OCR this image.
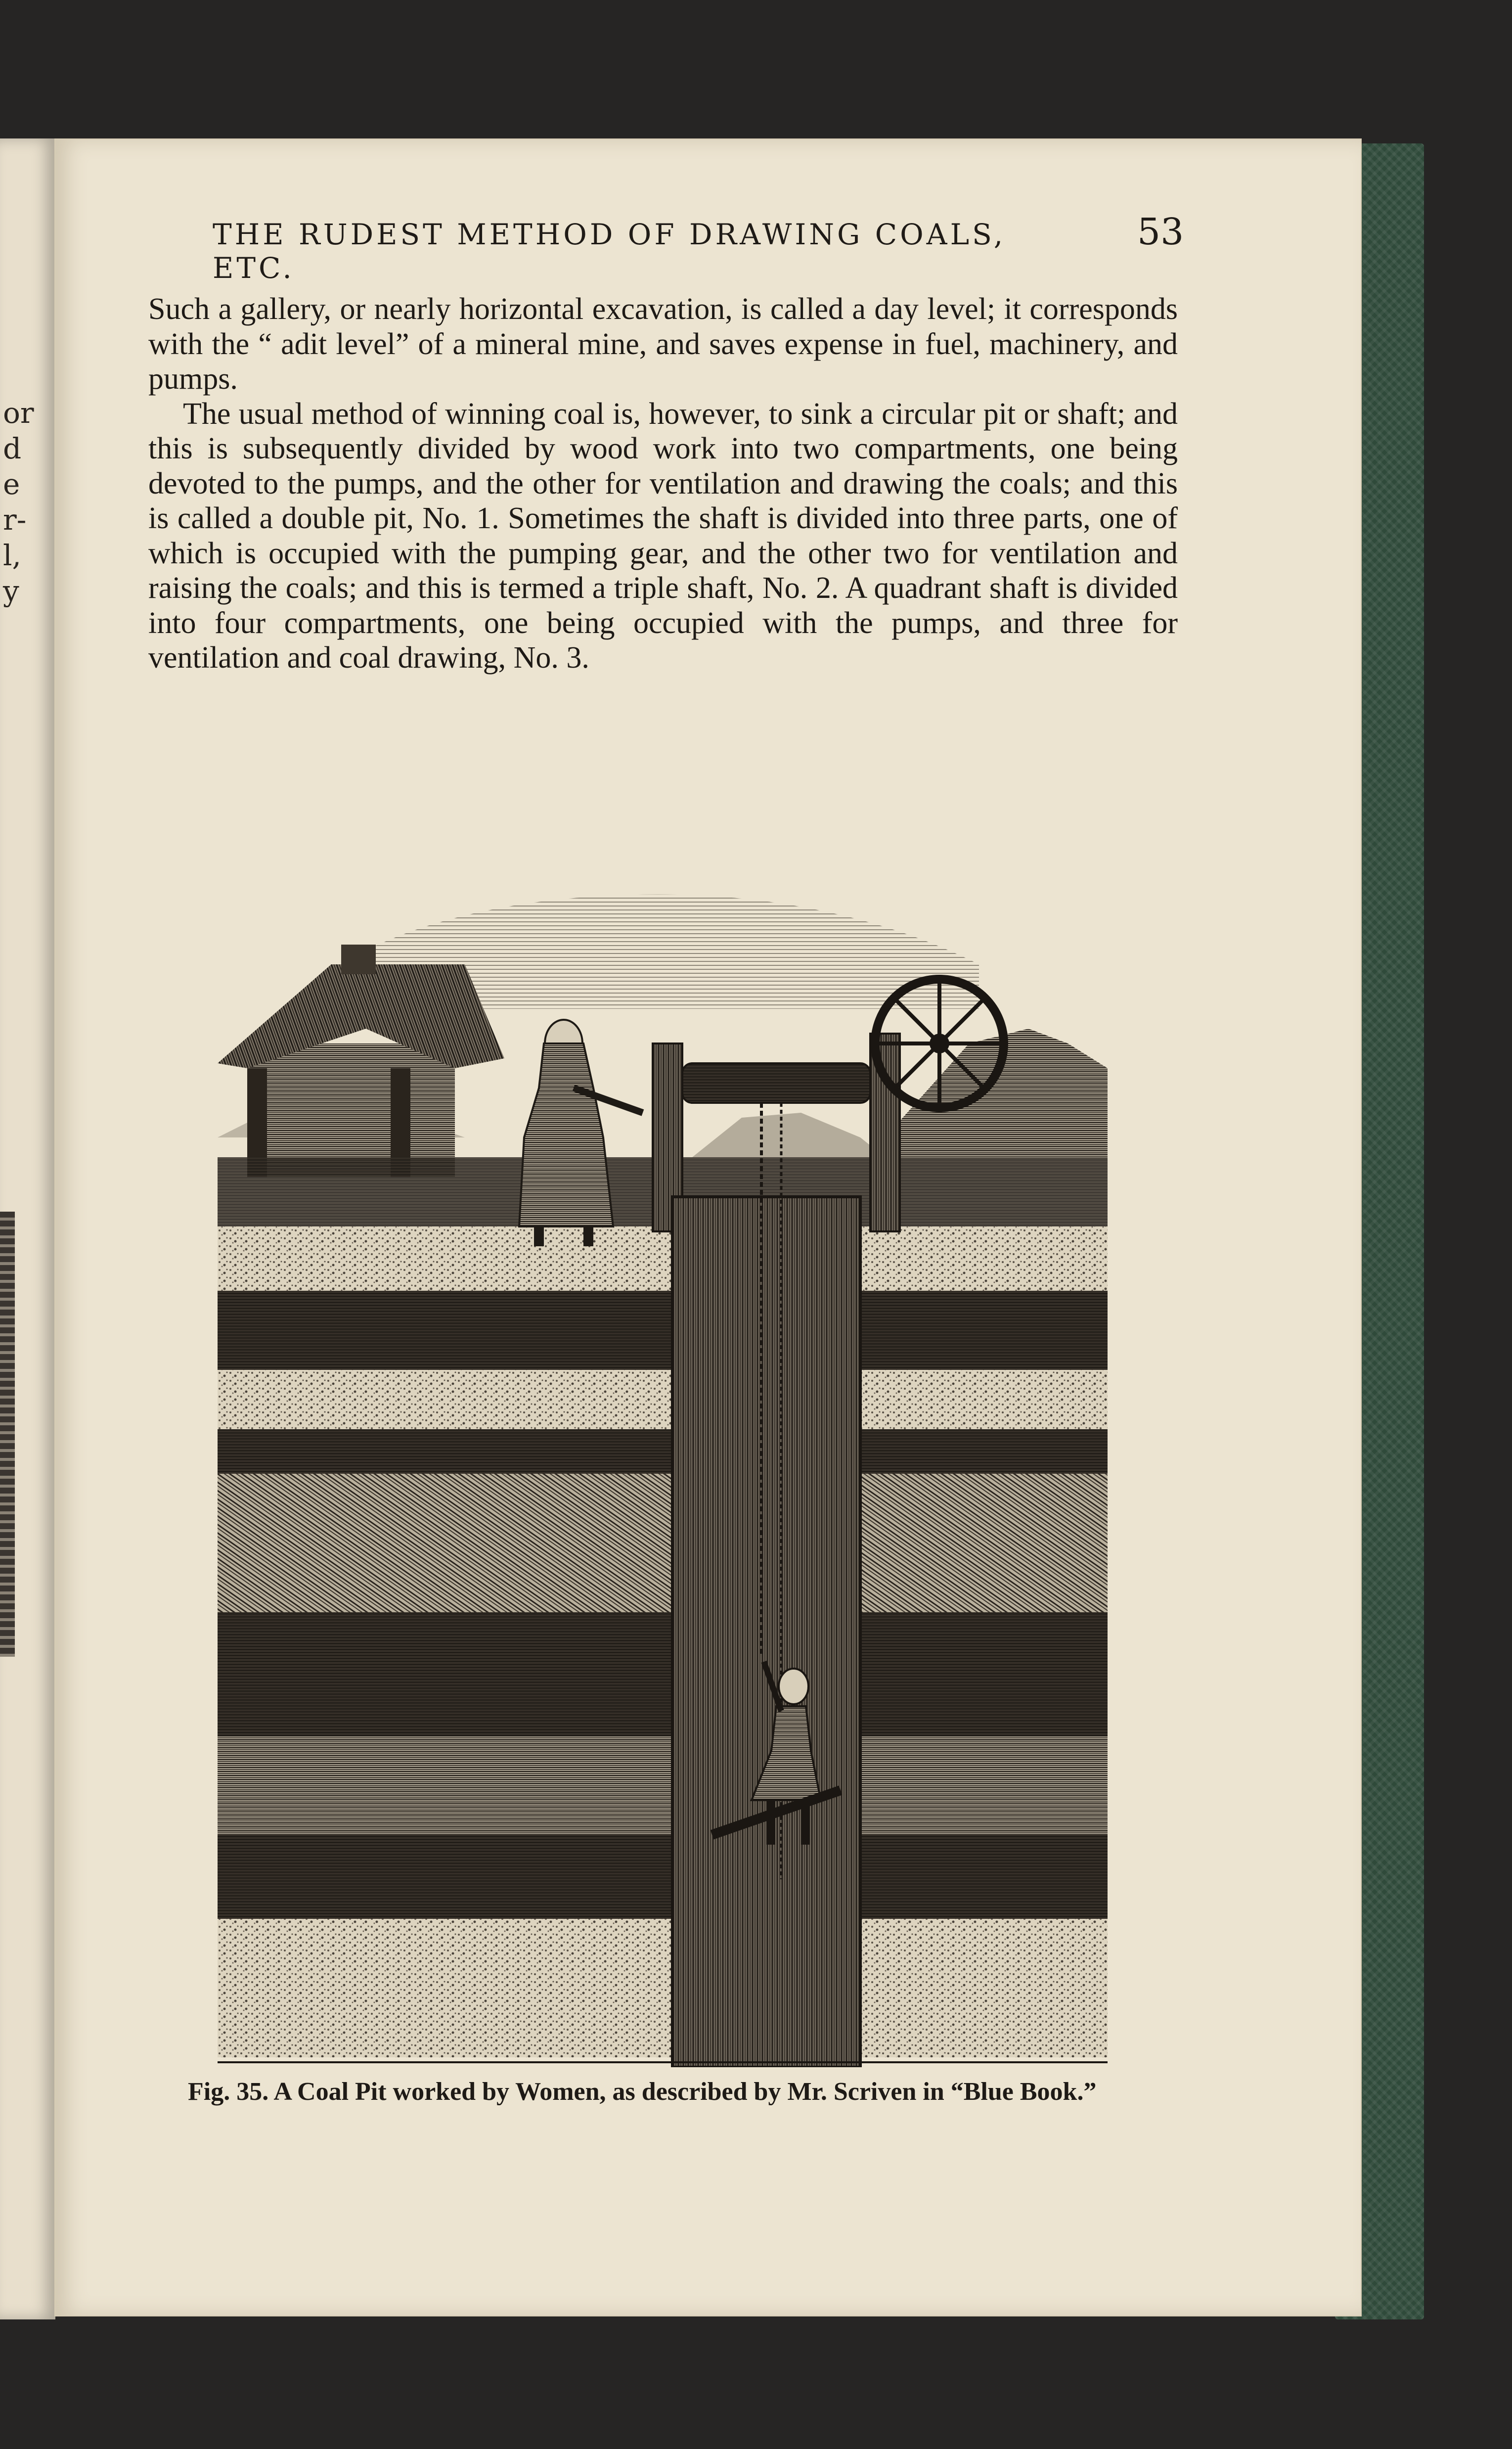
or
d
e
r-
l,
y
THE RUDEST METHOD OF DRAWING COALS, ETC.
53

Such a gallery, or nearly horizontal excavation, is called a day level; it corresponds with the “ adit level” of a mineral mine, and saves expense in fuel, machinery, and pumps.

The usual method of winning coal is, however, to sink a circular pit or shaft; and this is subsequently divided by wood work into two compartments, one being devoted to the pumps, and the other for ventilation and drawing the coals; and this is called a double pit, No. 1. Sometimes the shaft is divided into three parts, one of which is occupied with the pumping gear, and the other two for ventilation and raising the coals; and this is termed a triple shaft, No. 2. A quadrant shaft is divided into four compartments, one being occupied with the pumps, and three for ventilation and coal drawing, No. 3.

Fig. 35. A Coal Pit worked by Women, as described by Mr. Scriven in “Blue Book.”
